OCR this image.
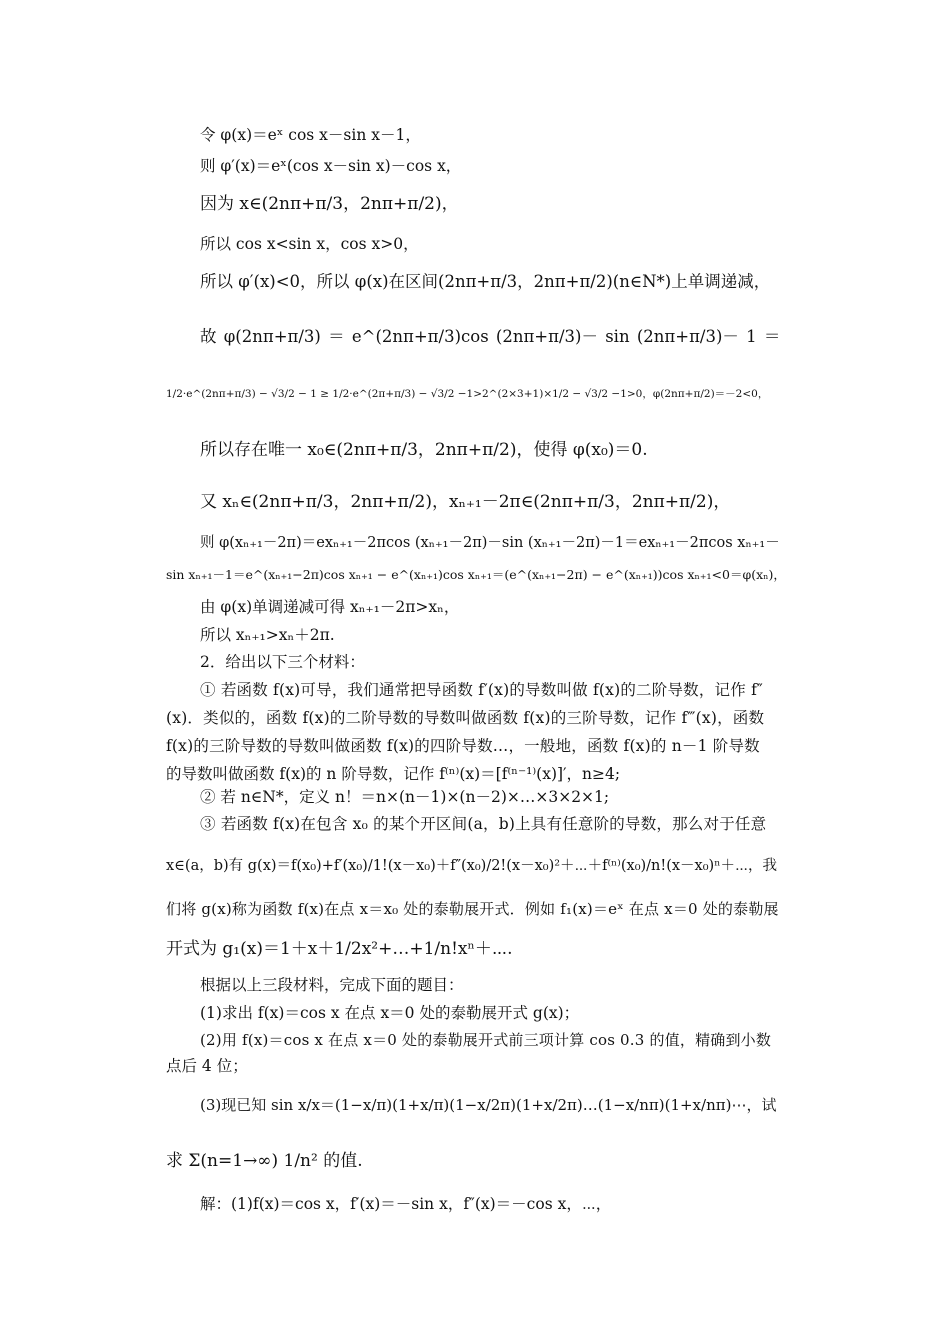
令 φ(x)＝eˣ cos x－sin x－1，
则 φ′(x)＝eˣ(cos x－sin x)－cos x，
因为 x∈(2nπ+π/3，2nπ+π/2)，
所以 cos x<sin x，cos x>0，
所以 φ′(x)<0，所以 φ(x)在区间(2nπ+π/3，2nπ+π/2)(n∈N*)上单调递减，
故 φ(2nπ+π/3) ＝ e^(2nπ+π/3)cos (2nπ+π/3)－ sin (2nπ+π/3)－ 1 ＝
1/2·e^(2nπ+π/3) − √3/2 − 1 ≥ 1/2·e^(2π+π/3) − √3/2 −1>2^(2×3+1)×1/2 − √3/2 −1>0，φ(2nπ+π/2)＝－2<0，
所以存在唯一 x₀∈(2nπ+π/3，2nπ+π/2)，使得 φ(x₀)＝0.
又 xₙ∈(2nπ+π/3，2nπ+π/2)，xₙ₊₁－2π∈(2nπ+π/3，2nπ+π/2)，
则 φ(xₙ₊₁－2π)＝exₙ₊₁－2πcos (xₙ₊₁－2π)－sin (xₙ₊₁－2π)－1＝exₙ₊₁－2πcos xₙ₊₁－
sin xₙ₊₁－1＝e^(xₙ₊₁−2π)cos xₙ₊₁ − e^(xₙ₊₁)cos xₙ₊₁＝(e^(xₙ₊₁−2π) − e^(xₙ₊₁))cos xₙ₊₁<0＝φ(xₙ)，
由 φ(x)单调递减可得 xₙ₊₁－2π>xₙ，
所以 xₙ₊₁>xₙ＋2π.
2．给出以下三个材料：
① 若函数 f(x)可导，我们通常把导函数 f′(x)的导数叫做 f(x)的二阶导数，记作 f″
(x)．类似的，函数 f(x)的二阶导数的导数叫做函数 f(x)的三阶导数，记作 f‴(x)，函数
f(x)的三阶导数的导数叫做函数 f(x)的四阶导数…，一般地，函数 f(x)的 n－1 阶导数
的导数叫做函数 f(x)的 n 阶导数，记作 f⁽ⁿ⁾(x)＝[f⁽ⁿ⁻¹⁾(x)]′，n≥4;
② 若 n∈N*，定义 n！＝n×(n－1)×(n－2)×…×3×2×1;
③ 若函数 f(x)在包含 x₀ 的某个开区间(a，b)上具有任意阶的导数，那么对于任意
x∈(a，b)有 g(x)＝f(x₀)+f′(x₀)/1!(x－x₀)＋f″(x₀)/2!(x－x₀)²＋⋯＋f⁽ⁿ⁾(x₀)/n!(x－x₀)ⁿ＋⋯，我
们将 g(x)称为函数 f(x)在点 x＝x₀ 处的泰勒展开式．例如 f₁(x)＝eˣ 在点 x＝0 处的泰勒展
开式为 g₁(x)＝1＋x＋1/2x²+…+1/n!xⁿ＋⋯.
根据以上三段材料，完成下面的题目：
(1)求出 f(x)＝cos x 在点 x＝0 处的泰勒展开式 g(x)；
(2)用 f(x)＝cos x 在点 x＝0 处的泰勒展开式前三项计算 cos 0.3 的值，精确到小数
点后 4 位；
(3)现已知 sin x/x＝(1−x/π)(1+x/π)(1−x/2π)(1+x/2π)…(1−x/nπ)(1+x/nπ)⋯，试
求 Σ(n=1→∞) 1/n² 的值.
解：(1)f(x)＝cos x，f′(x)＝－sin x，f″(x)＝－cos x，⋯，
